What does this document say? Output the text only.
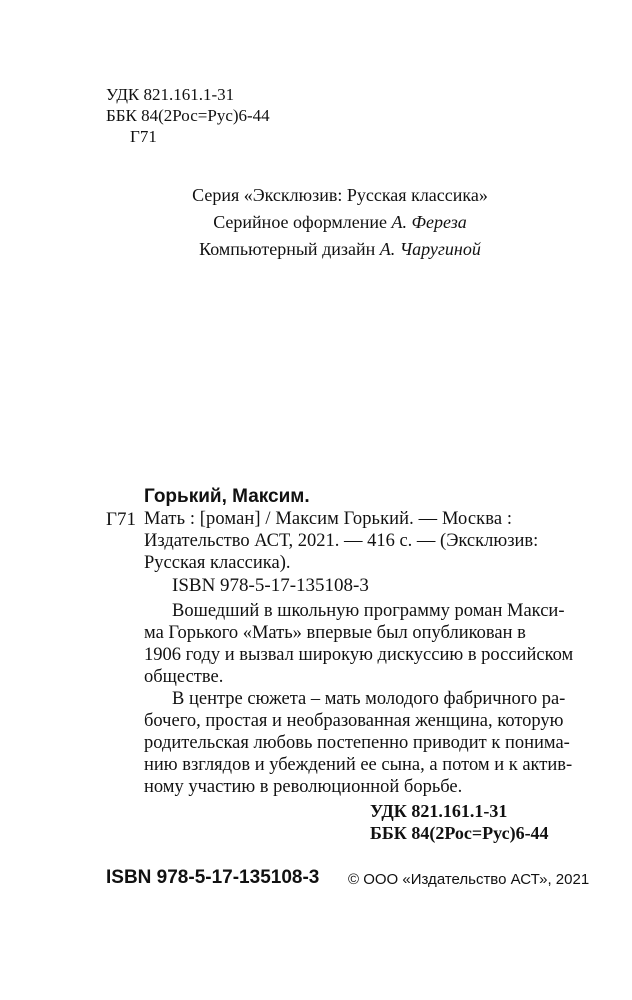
УДК 821.161.1-31
ББК 84(2Рос=Рус)6-44
Г71
Серия «Эксклюзив: Русская классика»
Серийное оформление А. Фереза
Компьютерный дизайн А. Чаругиной
Горький, Максим.
Г71 Мать : [роман] / Максим Горький. — Москва :
Издательство АСТ, 2021. — 416 с. — (Эксклюзив:
Русская классика).
ISBN 978-5-17-135108-3
Вошедший в школьную программу роман Макси-
ма Горького «Мать» впервые был опубликован в
1906 году и вызвал широкую дискуссию в российском
обществе.
В центре сюжета – мать молодого фабричного ра-
бочего, простая и необразованная женщина, которую
родительская любовь постепенно приводит к понима-
нию взглядов и убеждений ее сына, а потом и к актив-
ному участию в революционной борьбе.
УДК 821.161.1-31
ББК 84(2Рос=Рус)6-44
ISBN 978-5-17-135108-3 © ООО «Издательство АСТ», 2021
